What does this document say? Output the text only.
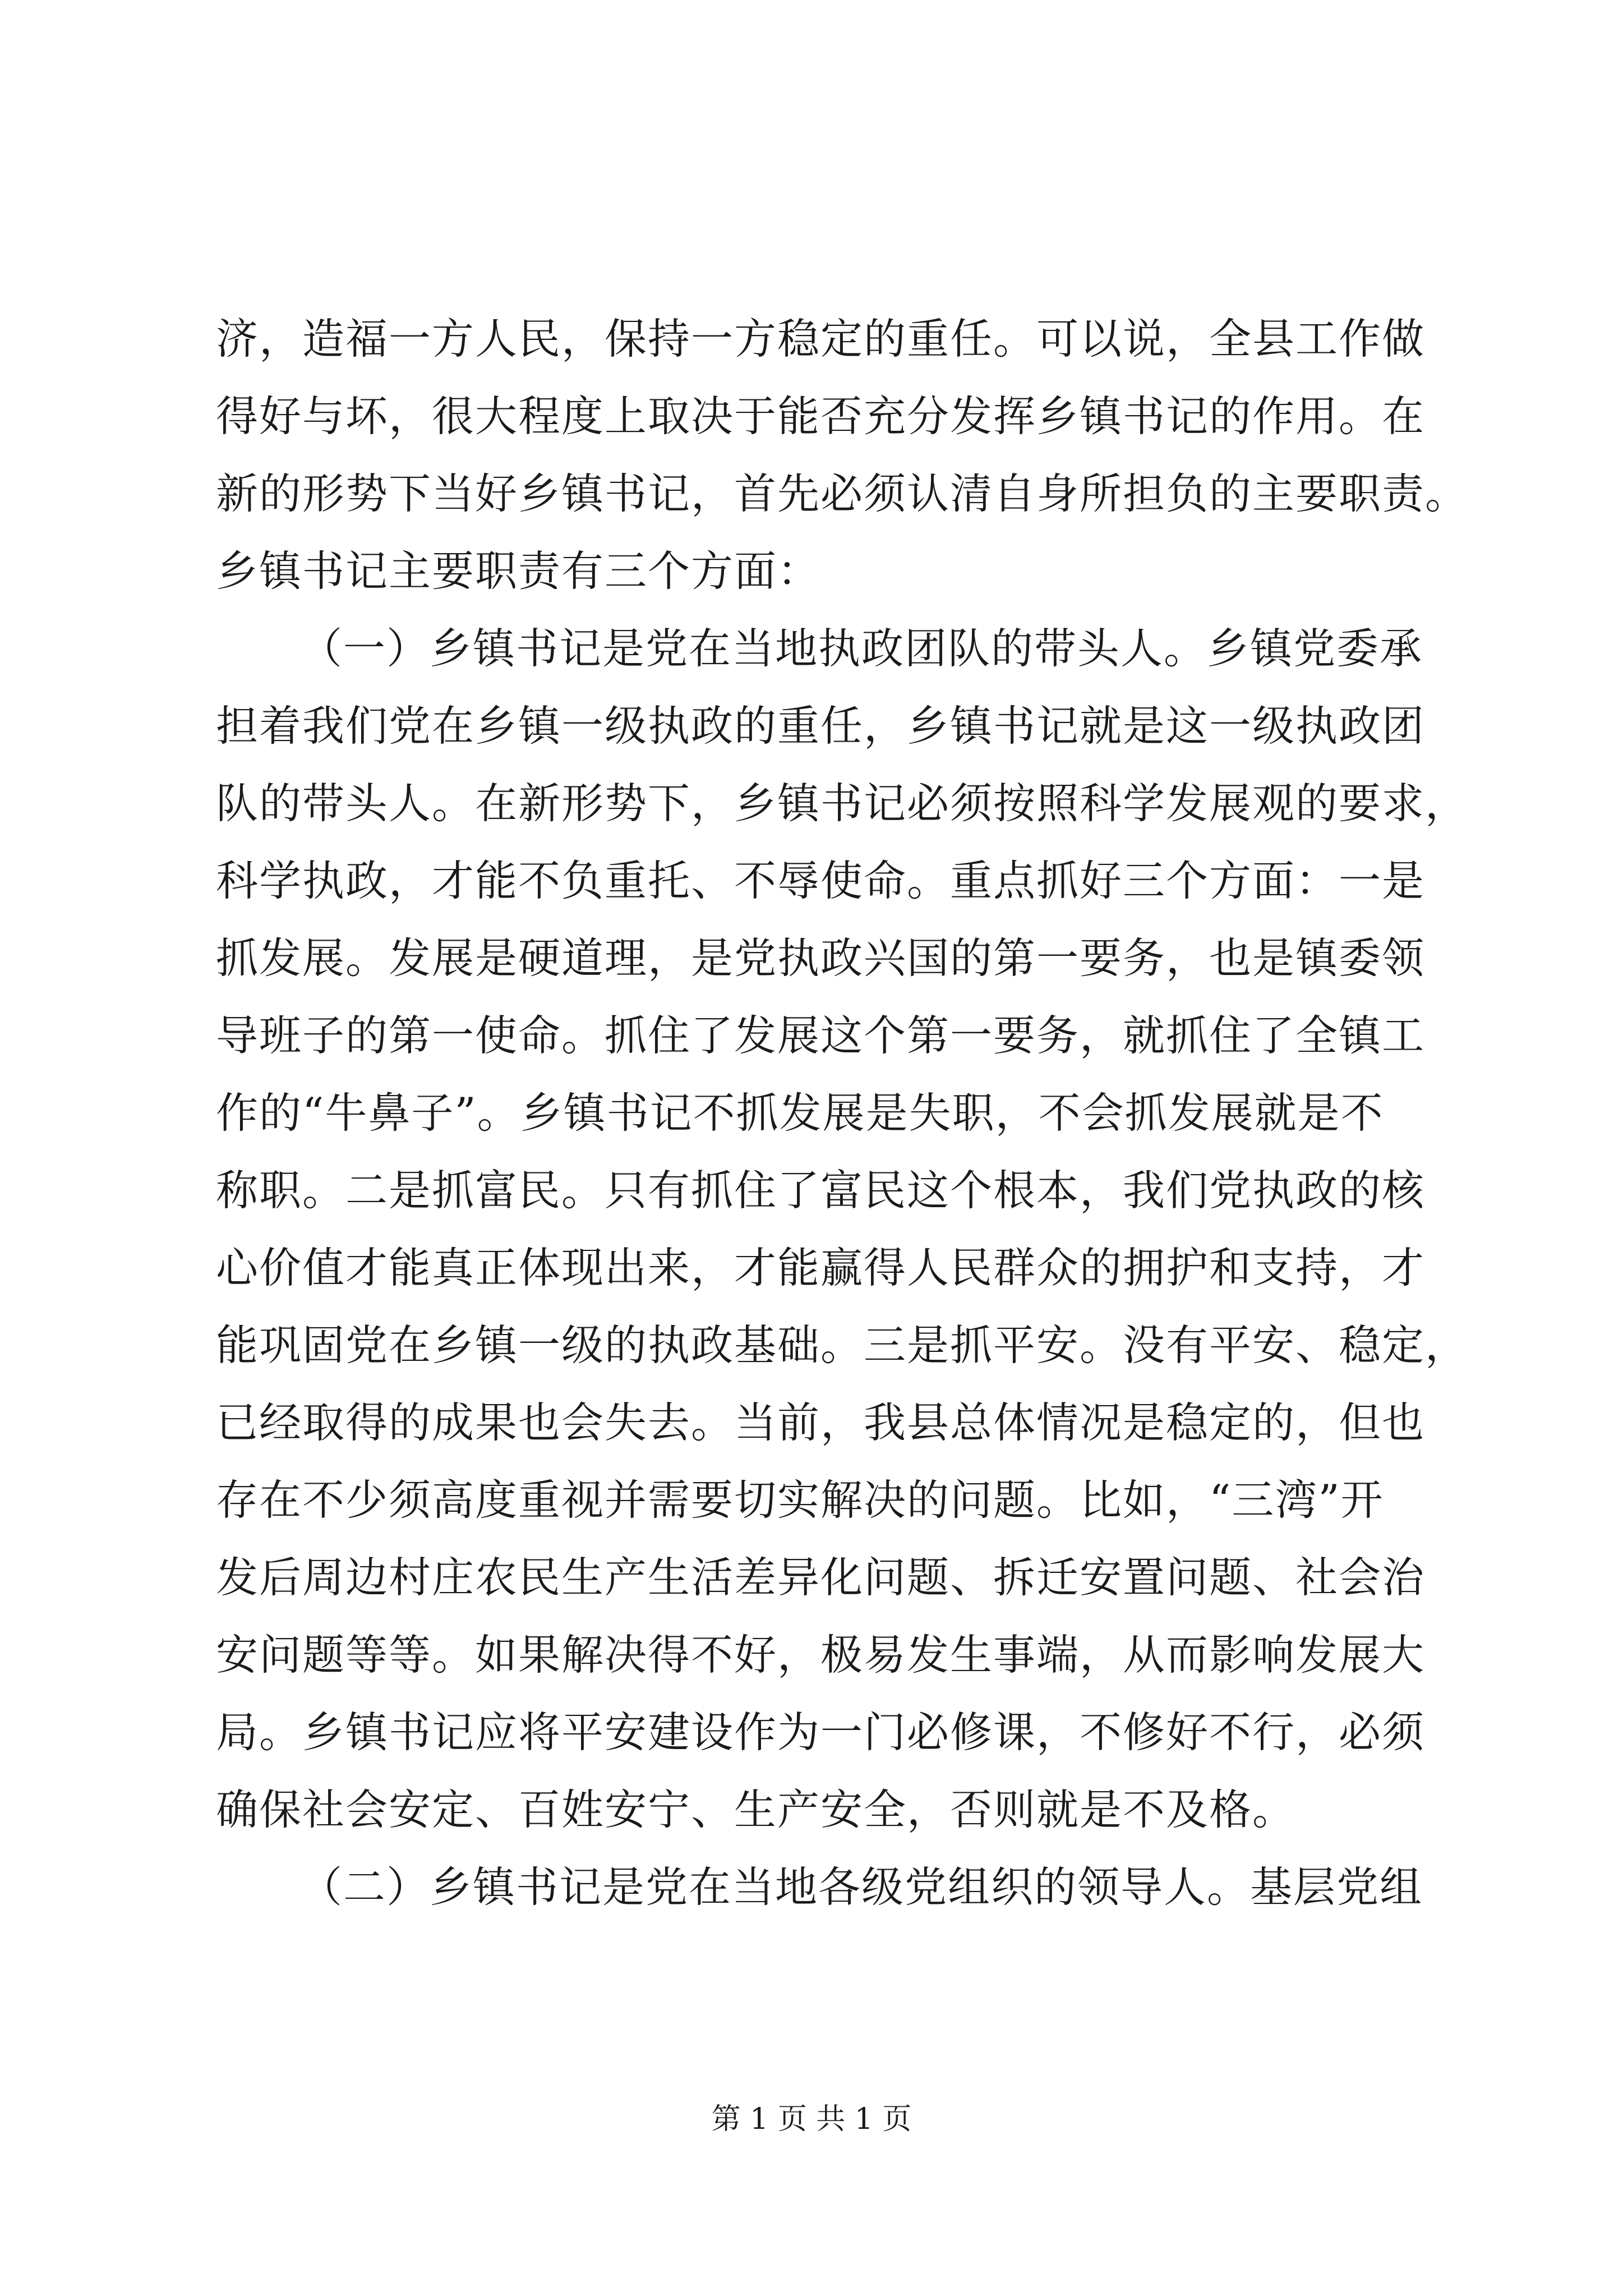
济，造福一方人民，保持一方稳定的重任。可以说，全县工作做

得好与坏，很大程度上取决于能否充分发挥乡镇书记的作用。在

新的形势下当好乡镇书记，首先必须认清自身所担负的主要职责。

乡镇书记主要职责有三个方面：

（一）乡镇书记是党在当地执政团队的带头人。乡镇党委承

担着我们党在乡镇一级执政的重任，乡镇书记就是这一级执政团

队的带头人。在新形势下，乡镇书记必须按照科学发展观的要求，

科学执政，才能不负重托、不辱使命。重点抓好三个方面：一是

抓发展。发展是硬道理，是党执政兴国的第一要务，也是镇委领

导班子的第一使命。抓住了发展这个第一要务，就抓住了全镇工

作的“牛鼻子”。乡镇书记不抓发展是失职，不会抓发展就是不

称职。二是抓富民。只有抓住了富民这个根本，我们党执政的核

心价值才能真正体现出来，才能赢得人民群众的拥护和支持，才

能巩固党在乡镇一级的执政基础。三是抓平安。没有平安、稳定，

已经取得的成果也会失去。当前，我县总体情况是稳定的，但也

存在不少须高度重视并需要切实解决的问题。比如，“三湾”开

发后周边村庄农民生产生活差异化问题、拆迁安置问题、社会治

安问题等等。如果解决得不好，极易发生事端，从而影响发展大

局。乡镇书记应将平安建设作为一门必修课，不修好不行，必须

确保社会安定、百姓安宁、生产安全，否则就是不及格。

（二）乡镇书记是党在当地各级党组织的领导人。基层党组

第 1 页 共 1 页
